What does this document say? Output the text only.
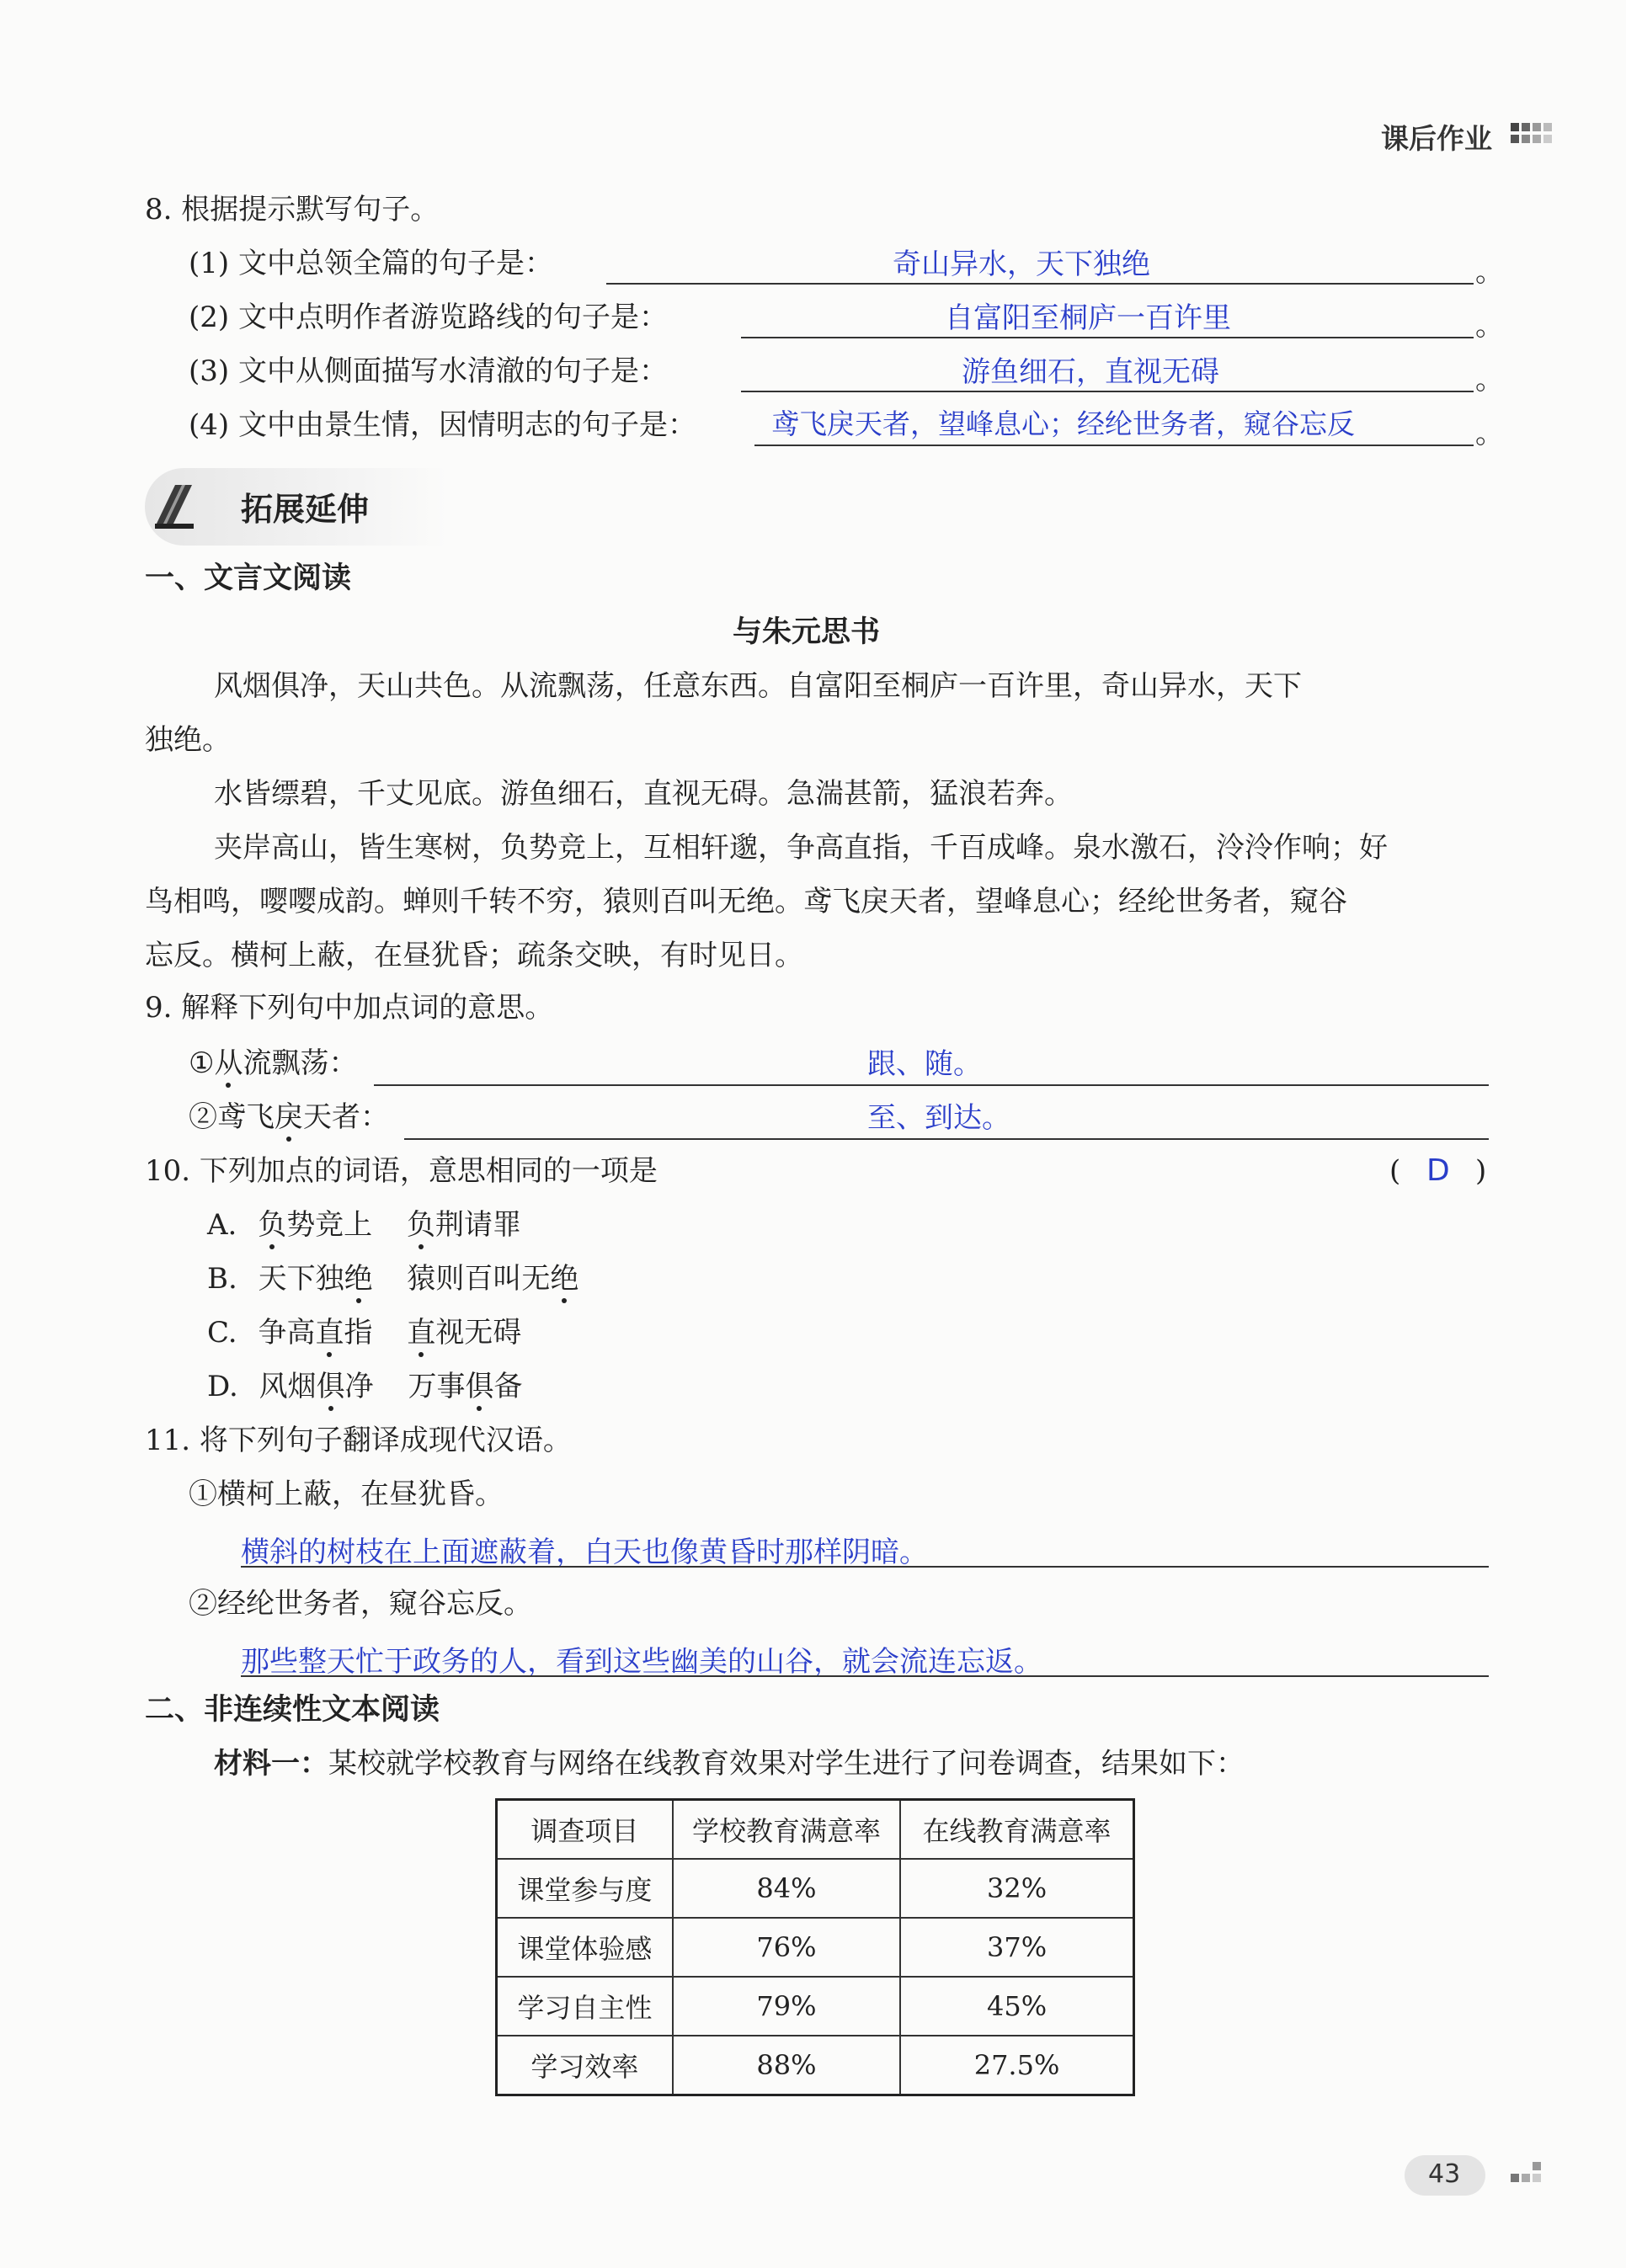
课后作业
8. 根据提示默写句子。
(1) 文中总领全篇的句子是：	奇山异水，天下独绝	。
(2) 文中点明作者游览路线的句子是：	自富阳至桐庐一百许里	。
(3) 文中从侧面描写水清澈的句子是：	游鱼细石，直视无碍	。
(4) 文中由景生情，因情明志的句子是：	鸢飞戾天者，望峰息心；经纶世务者，窥谷忘反	。
拓展延伸
一、文言文阅读
与朱元思书
风烟俱净，天山共色。从流飘荡，任意东西。自富阳至桐庐一百许里，奇山异水，天下
独绝。
水皆缥碧，千丈见底。游鱼细石，直视无碍。急湍甚箭，猛浪若奔。
夹岸高山，皆生寒树，负势竞上，互相轩邈，争高直指，千百成峰。泉水激石，泠泠作响；好
鸟相鸣，嘤嘤成韵。蝉则千转不穷，猿则百叫无绝。鸢飞戾天者，望峰息心；经纶世务者，窥谷
忘反。横柯上蔽，在昼犹昏；疏条交映，有时见日。
9. 解释下列句中加点词的意思。
①从流飘荡：	跟、随。
②鸢飞戾天者：	至、到达。
10. 下列加点的词语，意思相同的一项是	( D )
A. 负势竞上 负荆请罪
B. 天下独绝 猿则百叫无绝
C. 争高直指 直视无碍
D. 风烟俱净 万事俱备
11. 将下列句子翻译成现代汉语。
①横柯上蔽，在昼犹昏。
横斜的树枝在上面遮蔽着，白天也像黄昏时那样阴暗。
②经纶世务者，窥谷忘反。
那些整天忙于政务的人，看到这些幽美的山谷，就会流连忘返。
二、非连续性文本阅读
材料一：某校就学校教育与网络在线教育效果对学生进行了问卷调查，结果如下：
调查项目	学校教育满意率	在线教育满意率
课堂参与度	84%	32%
课堂体验感	76%	37%
学习自主性	79%	45%
学习效率	88%	27.5%
43
